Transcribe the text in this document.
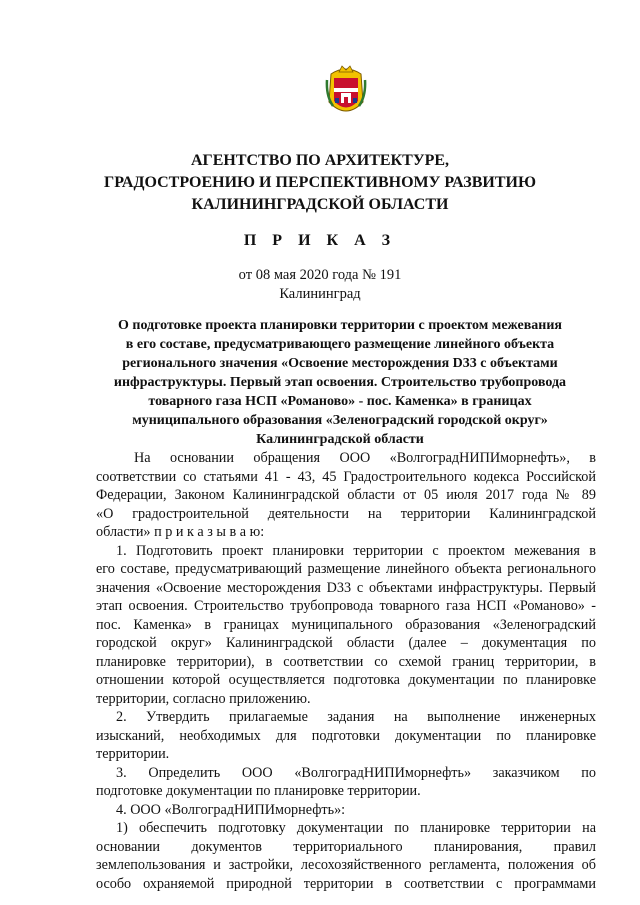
АГЕНТСТВО ПО АРХИТЕКТУРЕ,
ГРАДОСТРОЕНИЮ И ПЕРСПЕКТИВНОМУ РАЗВИТИЮ
КАЛИНИНГРАДСКОЙ ОБЛАСТИ
П Р И К А З
от 08 мая 2020 года № 191
Калининград
О подготовке проекта планировки территории с проектом межевания
в его составе, предусматривающего размещение линейного объекта
регионального значения «Освоение месторождения D33 с объектами
инфраструктуры. Первый этап освоения. Строительство трубопровода
товарного газа НСП «Романово» - пос. Каменка» в границах
муниципального образования «Зеленоградский городской округ»
Калининградской области
На основании обращения ООО «ВолгоградНИПИморнефть», в
соответствии со статьями 41 - 43, 45 Градостроительного кодекса Российской
Федерации, Законом Калининградской области от 05 июля 2017 года № 89
«О градостроительной деятельности на территории Калининградской
области» п р и к а з ы в а ю:
1. Подготовить проект планировки территории с проектом межевания в
его составе, предусматривающий размещение линейного объекта регионального
значения «Освоение месторождения D33 с объектами инфраструктуры. Первый
этап освоения. Строительство трубопровода товарного газа НСП «Романово» -
пос. Каменка» в границах муниципального образования «Зеленоградский
городской округ» Калининградской области (далее – документация по
планировке территории), в соответствии со схемой границ территории, в
отношении которой осуществляется подготовка документации по планировке
территории, согласно приложению.
2. Утвердить прилагаемые задания на выполнение инженерных
изысканий, необходимых для подготовки документации по планировке
территории.
3. Определить ООО «ВолгоградНИПИморнефть» заказчиком по
подготовке документации по планировке территории.
4. ООО «ВолгоградНИПИморнефть»:
1) обеспечить подготовку документации по планировке территории на
основании документов территориального планирования, правил
землепользования и застройки, лесохозяйственного регламента, положения об
особо охраняемой природной территории в соответствии с программами
